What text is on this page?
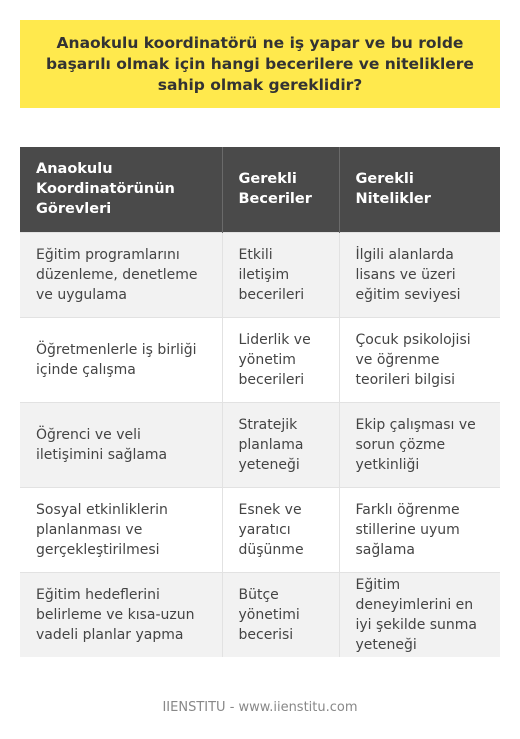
Anaokulu koordinatörü ne iş yapar ve bu rolde başarılı olmak için hangi becerilere ve niteliklere sahip olmak gereklidir?
Anaokulu Koordinatörünün Görevleri	Gerekli Beceriler	Gerekli Nitelikler
Eğitim programlarını düzenleme, denetleme ve uygulama	Etkili iletişim becerileri	İlgili alanlarda lisans ve üzeri eğitim seviyesi
Öğretmenlerle iş birliği içinde çalışma	Liderlik ve yönetim becerileri	Çocuk psikolojisi ve öğrenme teorileri bilgisi
Öğrenci ve veli iletişimini sağlama	Stratejik planlama yeteneği	Ekip çalışması ve sorun çözme yetkinliği
Sosyal etkinliklerin planlanması ve gerçekleştirilmesi	Esnek ve yaratıcı düşünme	Farklı öğrenme stillerine uyum sağlama
Eğitim hedeflerini belirleme ve kısa-uzun vadeli planlar yapma	Bütçe yönetimi becerisi	Eğitim deneyimlerini en iyi şekilde sunma yeteneği
IIENSTITU - www.iienstitu.com
